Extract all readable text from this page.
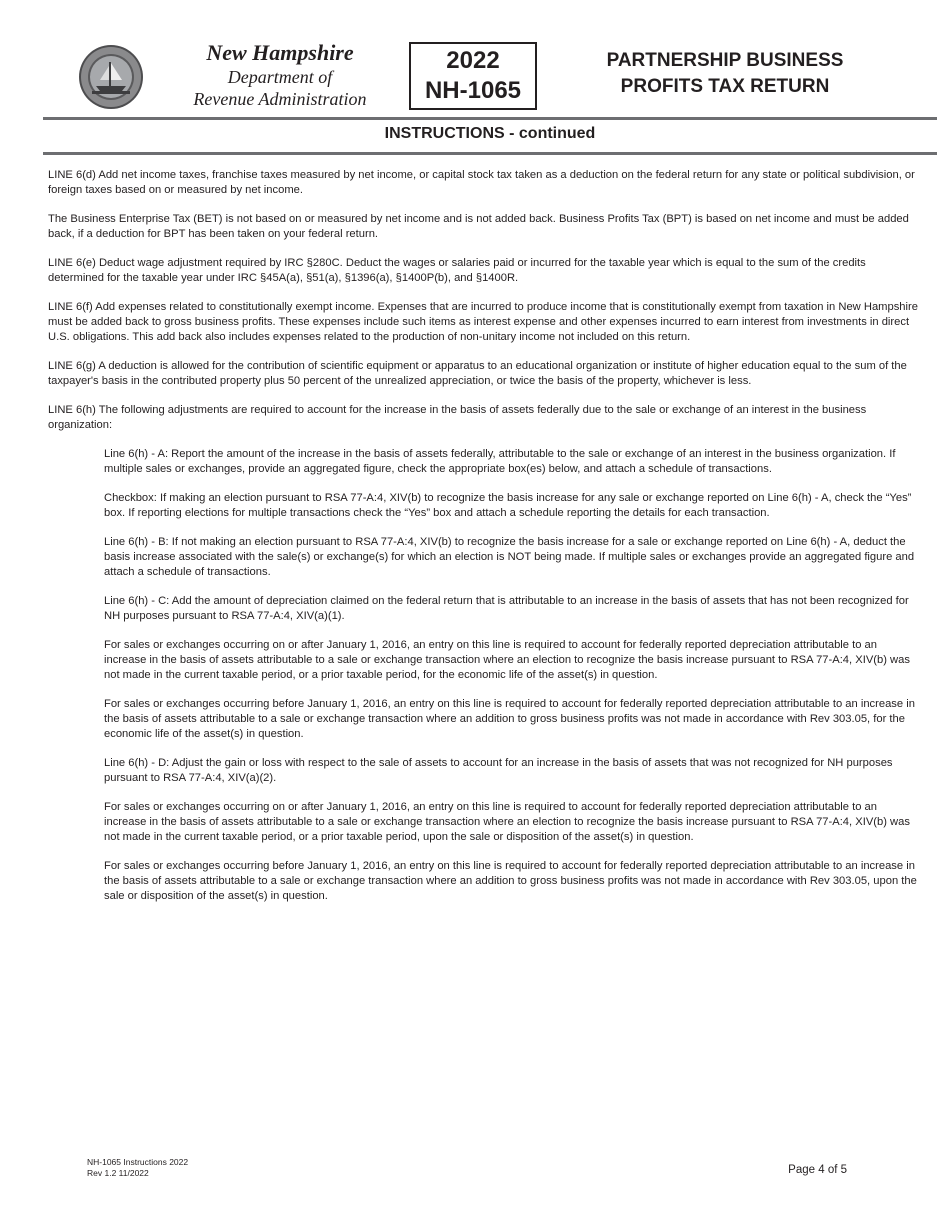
New Hampshire
Department of
Revenue Administration
2022
NH-1065
PARTNERSHIP BUSINESS
PROFITS TAX RETURN
INSTRUCTIONS - continued

LINE 6(d) Add net income taxes, franchise taxes measured by net income, or capital stock tax taken as a deduction on the federal return for any state or political subdivision, or foreign taxes based on or measured by net income.

The Business Enterprise Tax (BET) is not based on or measured by net income and is not added back. Business Profits Tax (BPT) is based on net income and must be added back, if a deduction for BPT has been taken on your federal return.

LINE 6(e) Deduct wage adjustment required by IRC §280C. Deduct the wages or salaries paid or incurred for the taxable year which is equal to the sum of the credits determined for the taxable year under IRC §45A(a), §51(a), §1396(a), §1400P(b), and §1400R.

LINE 6(f) Add expenses related to constitutionally exempt income. Expenses that are incurred to produce income that is constitutionally exempt from taxation in New Hampshire must be added back to gross business profits. These expenses include such items as interest expense and other expenses incurred to earn interest from investments in direct U.S. obligations. This add back also includes expenses related to the production of non-unitary income not included on this return.

LINE 6(g) A deduction is allowed for the contribution of scientific equipment or apparatus to an educational organization or institute of higher education equal to the sum of the taxpayer's basis in the contributed property plus 50 percent of the unrealized appreciation, or twice the basis of the property, whichever is less.

LINE 6(h) The following adjustments are required to account for the increase in the basis of assets federally due to the sale or exchange of an interest in the business organization:

Line 6(h) - A: Report the amount of the increase in the basis of assets federally, attributable to the sale or exchange of an interest in the business organization. If multiple sales or exchanges, provide an aggregated figure, check the appropriate box(es) below, and attach a schedule of transactions.

Checkbox: If making an election pursuant to RSA 77-A:4, XIV(b) to recognize the basis increase for any sale or exchange reported on Line 6(h) - A, check the “Yes” box. If reporting elections for multiple transactions check the “Yes” box and attach a schedule reporting the details for each transaction.

Line 6(h) - B: If not making an election pursuant to RSA 77-A:4, XIV(b) to recognize the basis increase for a sale or exchange reported on Line 6(h) - A, deduct the basis increase associated with the sale(s) or exchange(s) for which an election is NOT being made. If multiple sales or exchanges provide an aggregated figure and attach a schedule of transactions.

Line 6(h) - C: Add the amount of depreciation claimed on the federal return that is attributable to an increase in the basis of assets that has not been recognized for NH purposes pursuant to RSA 77-A:4, XIV(a)(1).

For sales or exchanges occurring on or after January 1, 2016, an entry on this line is required to account for federally reported depreciation attributable to an increase in the basis of assets attributable to a sale or exchange transaction where an election to recognize the basis increase pursuant to RSA 77-A:4, XIV(b) was not made in the current taxable period, or a prior taxable period, for the economic life of the asset(s) in question.

For sales or exchanges occurring before January 1, 2016, an entry on this line is required to account for federally reported depreciation attributable to an increase in the basis of assets attributable to a sale or exchange transaction where an addition to gross business profits was not made in accordance with Rev 303.05, for the economic life of the asset(s) in question.

Line 6(h) - D: Adjust the gain or loss with respect to the sale of assets to account for an increase in the basis of assets that was not recognized for NH purposes pursuant to RSA 77-A:4, XIV(a)(2).

For sales or exchanges occurring on or after January 1, 2016, an entry on this line is required to account for federally reported depreciation attributable to an increase in the basis of assets attributable to a sale or exchange transaction where an election to recognize the basis increase pursuant to RSA 77-A:4, XIV(b) was not made in the current taxable period, or a prior taxable period, upon the sale or disposition of the asset(s) in question.

For sales or exchanges occurring before January 1, 2016, an entry on this line is required to account for federally reported depreciation attributable to an increase in the basis of assets attributable to a sale or exchange transaction where an addition to gross business profits was not made in accordance with Rev 303.05, upon the sale or disposition of the asset(s) in question.

NH-1065 Instructions 2022
Rev 1.2 11/2022	Page 4 of 5
